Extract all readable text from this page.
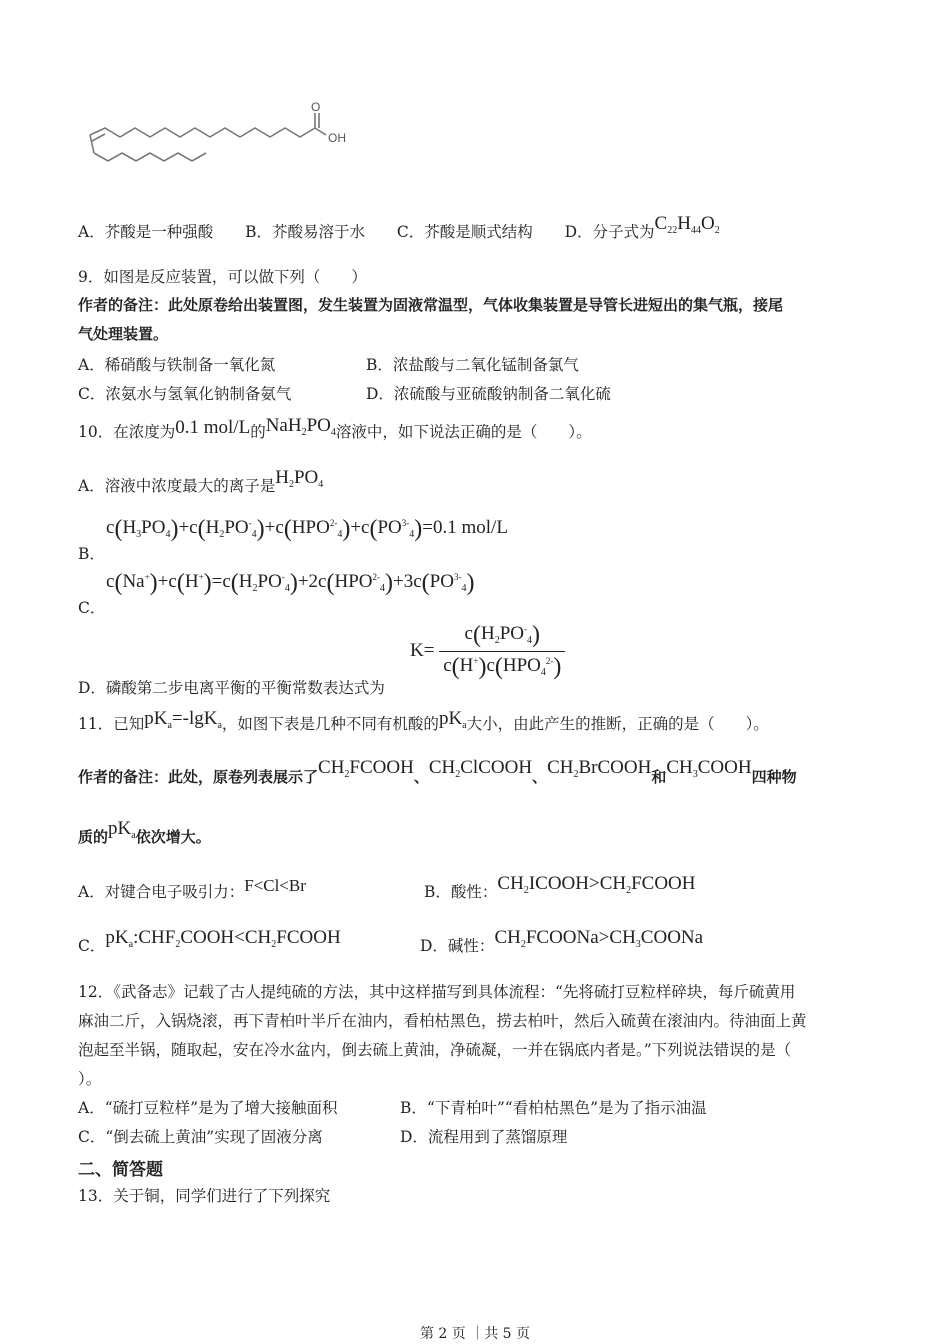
O
OH
A．芥酸是一种强酸 B．芥酸易溶于水 C．芥酸是顺式结构 D．分子式为$C_{22}H_{44}O_2$
9．如图是反应装置，可以做下列（　　）
作者的备注：此处原卷给出装置图，发生装置为固液常温型，气体收集装置是导管长进短出的集气瓶，接尾
气处理装置。
A．稀硝酸与铁制备一氧化氮	B．浓盐酸与二氧化锰制备氯气
C．浓氨水与氢氧化钠制备氨气	D．浓硫酸与亚硫酸钠制备二氧化硫
10．在浓度为0.1 mol/L的$NaH_2PO_4$溶液中，如下说法正确的是（　　）。
A．溶液中浓度最大的离子是$H_2PO_4$
B．
$c(H_3PO_4)+c(H_2PO^-_4)+c(HPO^{2-}_4)+c(PO^{3-}_4)=0.1$ mol/L
C．
$c(Na^+)+c(H^+)=c(H_2PO^-_4)+2c(HPO^{2-}_4)+3c(PO^{3-}_4)$
$K= \frac{c(H_2PO^-_4)}{c(H^+)c(HPO_4^{2-})}$
D．磷酸第二步电离平衡的平衡常数表达式为
11．已知$pK_a=-\lg K_a$，如图下表是几种不同有机酸的$pK_a$大小，由此产生的推断，正确的是（　　）。
作者的备注：此处，原卷列表展示了$CH_2FCOOH$、$CH_2ClCOOH$、$CH_2BrCOOH$和$CH_3COOH$四种物
质的$pK_a$依次增大。
A．对键合电子吸引力：F<Cl<Br	B．酸性：$CH_2ICOOH>CH_2FCOOH$
C．$pK_a:CHF_2COOH<CH_2FCOOH$	D．碱性：$CH_2FCOONa>CH_3COONa$
12．《武备志》记载了古人提纯硫的方法，其中这样描写到具体流程：“先将硫打豆粒样碎块，每斤硫黄用
麻油二斤，入锅烧滚，再下青柏叶半斤在油内，看柏枯黑色，捞去柏叶，然后入硫黄在滚油内。待油面上黄
泡起至半锅，随取起，安在冷水盆内，倒去硫上黄油，净硫凝，一并在锅底内者是。”下列说法错误的是（
）。
A．“硫打豆粒样”是为了增大接触面积	B．“下青柏叶”“看柏枯黑色”是为了指示油温
C．“倒去硫上黄油”实现了固液分离	D．流程用到了蒸馏原理
二、简答题
13．关于铜，同学们进行了下列探究
第 2 页 ｜共 5 页
